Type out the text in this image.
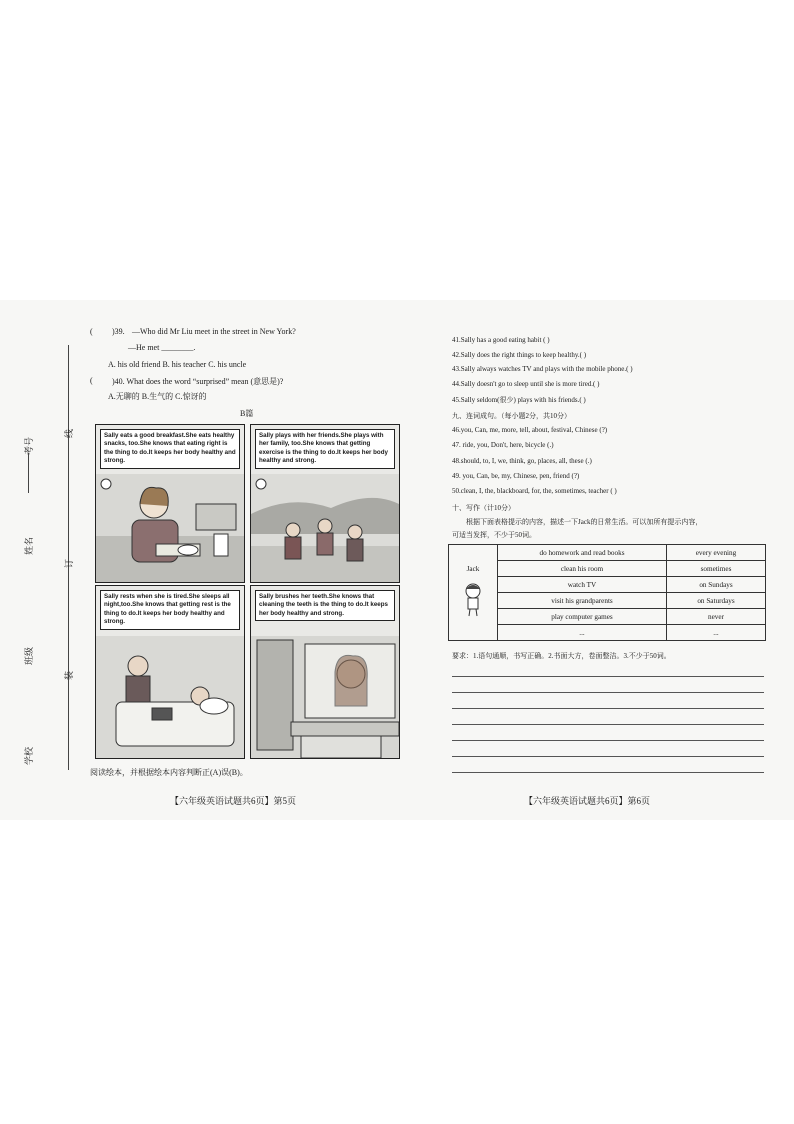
考号
姓名
班级
学校
线
订
装
( )39. —Who did Mr Liu meet in the street in New York?
—He met ________.
A. his old friend B. his teacher C. his uncle
( )40. What does the word “surprised” mean (意思是)?
A.无聊的 B.生气的 C.惊讶的
B篇
Sally eats a good breakfast.She eats healthy snacks, too.She knows that eating right is the thing to do.It keeps her body healthy and strong.
Sally plays with her friends.She plays with her family, too.She knows that getting exercise is the thing to do.It keeps her body healthy and strong.
Sally rests when she is tired.She sleeps all night,too.She knows that getting rest is the thing to do.It keeps her body healthy and strong.
Sally brushes her teeth.She knows that cleaning the teeth is the thing to do.It keeps her body healthy and strong.
阅读绘本，并根据绘本内容判断正(A)误(B)。
【六年级英语试题共6页】第5页
41.Sally has a good eating habit ( )
42.Sally does the right things to keep healthy.( )
43.Sally always watches TV and plays with the mobile phone.( )
44.Sally doesn't go to sleep until she is more tired.( )
45.Sally seldom(很少) plays with his friends.( )
九、连词成句。（每小题2分，共10分）
46.you, Can, me, more, tell, about, festival, Chinese (?)
47. ride, you, Don't, here, bicycle (.)
48.should, to, I, we, think, go, places, all, these (.)
49. you, Can, be, my, Chinese, pen, friend (?)
50.clean, I, the, blackboard, for, the, sometimes, teacher ( )
十、写作（计10分）
根据下面表格提示的内容，描述一下Jack的日常生活。可以加所有提示内容，
可适当发挥，不少于50词。
Jack	do homework and read books	every evening
	clean his room	sometimes
	watch TV	on Sundays
	visit his grandparents	on Saturdays
	play computer games	never
	...	...
要求：1.语句通顺，书写正确。2.书面大方，卷面整洁。3.不少于50词。
【六年级英语试题共6页】第6页
